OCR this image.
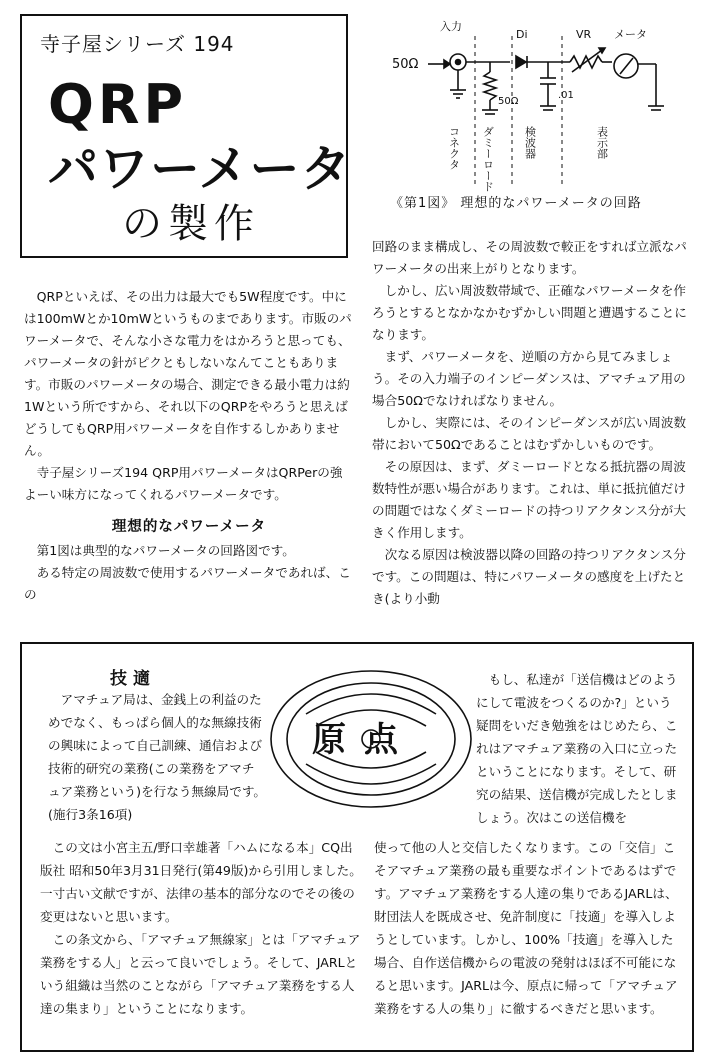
寺子屋シリーズ 194
QRP
パワーメータ
の製作
入力
50Ω
50Ω
Di
.01
VR メータ
コネクタ ダミーロード	検波器	表示部
《第1図》 理想的なパワーメータの回路

QRPといえば、その出力は最大でも5W程度です。中には100mWとか10mWというものまであります。市販のパワーメータで、そんな小さな電力をはかろうと思っても、パワーメータの針がピクともしないなんてこともあります。市販のパワーメータの場合、測定できる最小電力は約1Wという所ですから、それ以下のQRPをやろうと思えばどうしてもQRP用パワーメータを自作するしかありません。

寺子屋シリーズ194 QRP用パワーメータはQRPerの強よーい味方になってくれるパワーメータです。

理想的なパワーメータ

第1図は典型的なパワーメータの回路図です。

ある特定の周波数で使用するパワーメータであれば、この

回路のまま構成し、その周波数で較正をすれば立派なパワーメータの出来上がりとなります。

しかし、広い周波数帯域で、正確なパワーメータを作ろうとするとなかなかむずかしい問題と遭遇することになります。

まず、パワーメータを、逆順の方から見てみましょう。その入力端子のインピーダンスは、アマチュア用の場合50Ωでなければなりません。

しかし、実際には、そのインピーダンスが広い周波数帯において50Ωであることはむずかしいものです。

その原因は、まず、ダミーロードとなる抵抗器の周波数特性が悪い場合があります。これは、単に抵抗値だけの問題ではなくダミーロードの持つリアクタンス分が大きく作用します。

次なる原因は検波器以降の回路の持つリアクタンス分です。この問題は、特にパワーメータの感度を上げたとき(より小動

技適

アマチュア局は、金銭上の利益のためでなく、もっぱら個人的な無線技術の興味によって自己訓練、通信および技術的研究の業務(この業務をアマチュア業務という)を行なう無線局です。(施行3条16項)

原点

この文は小宮主五/野口幸雄著「ハムになる本」CQ出版社 昭和50年3月31日発行(第49版)から引用しました。一寸古い文献ですが、法律の基本的部分なのでその後の変更はないと思います。

この条文から、「アマチュア無線家」とは「アマチュア業務をする人」と云って良いでしょう。そして、JARLという組織は当然のことながら「アマチュア業務をする人達の集まり」ということになります。

もし、私達が「送信機はどのようにして電波をつくるのか?」という疑問をいだき勉強をはじめたら、これはアマチュア業務の入口に立ったということになります。そして、研究の結果、送信機が完成したとしましょう。次はこの送信機を

使って他の人と交信したくなります。この「交信」こそアマチュア業務の最も重要なポイントであるはずです。アマチュア業務をする人達の集りであるJARLは、財団法人を既成させ、免許制度に「技適」を導入しようとしています。しかし、100%「技適」を導入した場合、自作送信機からの電波の発射はほぼ不可能になると思います。JARLは今、原点に帰って「アマチュア業務をする人の集り」に徹するべきだと思います。
